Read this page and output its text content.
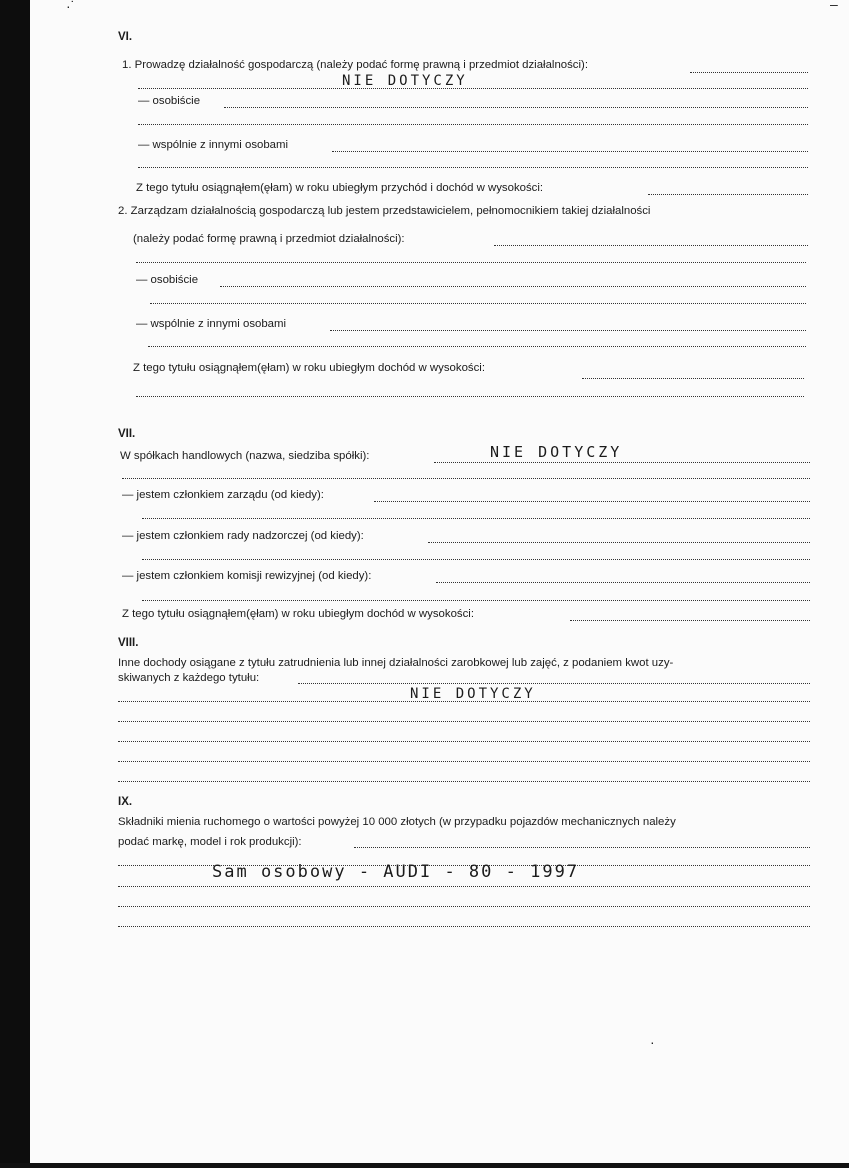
VI.
1. Prowadzę działalność gospodarczą (należy podać formę prawną i przedmiot działalności):
NIE DOTYCZY
— osobiście
— wspólnie z innymi osobami
Z tego tytułu osiągnąłem(ęłam) w roku ubiegłym przychód i dochód w wysokości:
2. Zarządzam działalnością gospodarczą lub jestem przedstawicielem, pełnomocnikiem takiej działalności
(należy podać formę prawną i przedmiot działalności):
— osobiście
— wspólnie z innymi osobami
Z tego tytułu osiągnąłem(ęłam) w roku ubiegłym dochód w wysokości:
VII.
W spółkach handlowych (nazwa, siedziba spółki):	NIE DOTYCZY
— jestem członkiem zarządu (od kiedy):
— jestem członkiem rady nadzorczej (od kiedy):
— jestem członkiem komisji rewizyjnej (od kiedy):
Z tego tytułu osiągnąłem(ęłam) w roku ubiegłym dochód w wysokości:
VIII.
Inne dochody osiągane z tytułu zatrudnienia lub innej działalności zarobkowej lub zajęć, z podaniem kwot uzy-
skiwanych z każdego tytułu:
NIE DOTYCZY
IX.
Składniki mienia ruchomego o wartości powyżej 10 000 złotych (w przypadku pojazdów mechanicznych należy
podać markę, model i rok produkcji):
Sam osobowy - AUDI - 80 - 1997
·˙	–
·
